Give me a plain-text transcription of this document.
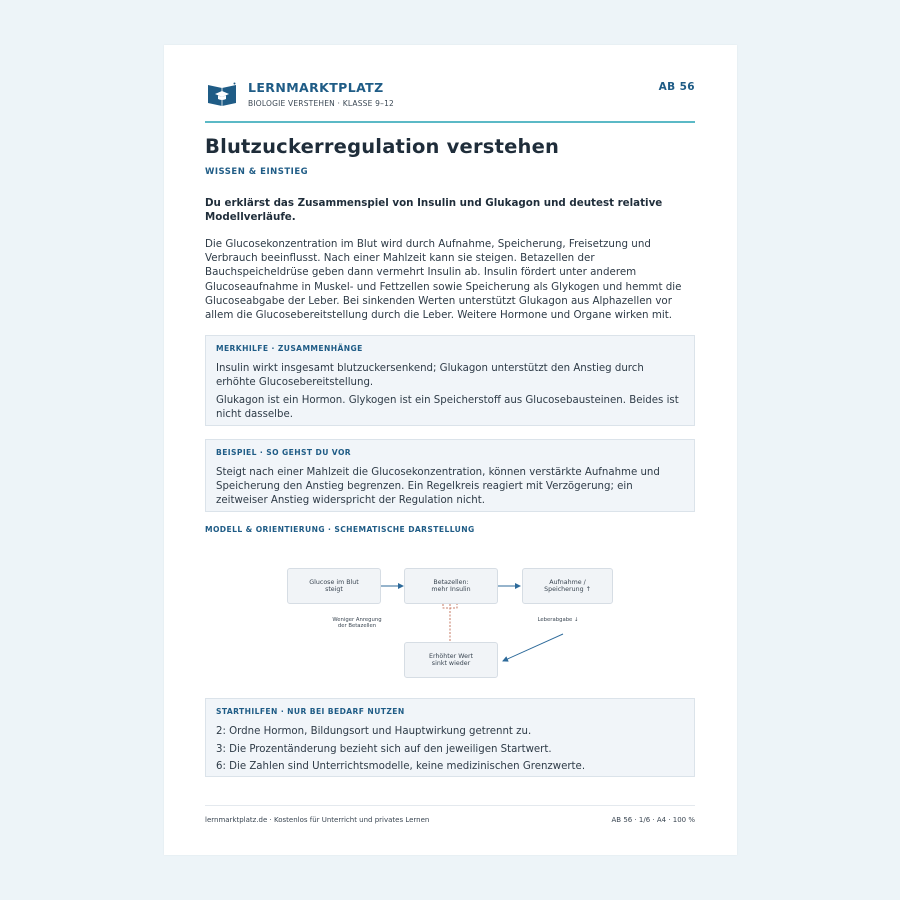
LERNMARKTPLATZ
BIOLOGIE VERSTEHEN · KLASSE 9–12
AB 56
Blutzuckerregulation verstehen
WISSEN & EINSTIEG
Du erklärst das Zusammenspiel von Insulin und Glukagon und deutest relative Modellverläufe.
Die Glucosekonzentration im Blut wird durch Aufnahme, Speicherung, Freisetzung und Verbrauch beeinflusst. Nach einer Mahlzeit kann sie steigen. Betazellen der Bauchspeicheldrüse geben dann vermehrt Insulin ab. Insulin fördert unter anderem Glucoseaufnahme in Muskel- und Fettzellen sowie Speicherung als Glykogen und hemmt die Glucoseabgabe der Leber. Bei sinkenden Werten unterstützt Glukagon aus Alphazellen vor allem die Glucosebereitstellung durch die Leber. Weitere Hormone und Organe wirken mit.
MERKHILFE · ZUSAMMENHÄNGE

Insulin wirkt insgesamt blutzuckersenkend; Glukagon unterstützt den Anstieg durch erhöhte Glucosebereitstellung.

Glukagon ist ein Hormon. Glykogen ist ein Speicherstoff aus Glucosebausteinen. Beides ist nicht dasselbe.

BEISPIEL · SO GEHST DU VOR

Steigt nach einer Mahlzeit die Glucosekonzentration, können verstärkte Aufnahme und Speicherung den Anstieg begrenzen. Ein Regelkreis reagiert mit Verzögerung; ein zeitweiser Anstieg widerspricht der Regulation nicht.

MODELL & ORIENTIERUNG · SCHEMATISCHE DARSTELLUNG
Glucose im Blut
steigt
Betazellen:
mehr Insulin
Aufnahme /
Speicherung ↑
Erhöhter Wert
sinkt wieder
Weniger Anregung
der Betazellen
Leberabgabe ↓
STARTHILFEN · NUR BEI BEDARF NUTZEN

2: Ordne Hormon, Bildungsort und Hauptwirkung getrennt zu.

3: Die Prozentänderung bezieht sich auf den jeweiligen Startwert.

6: Die Zahlen sind Unterrichtsmodelle, keine medizinischen Grenzwerte.

lernmarktplatz.de · Kostenlos für Unterricht und privates Lernen	AB 56 · 1/6 · A4 · 100 %
